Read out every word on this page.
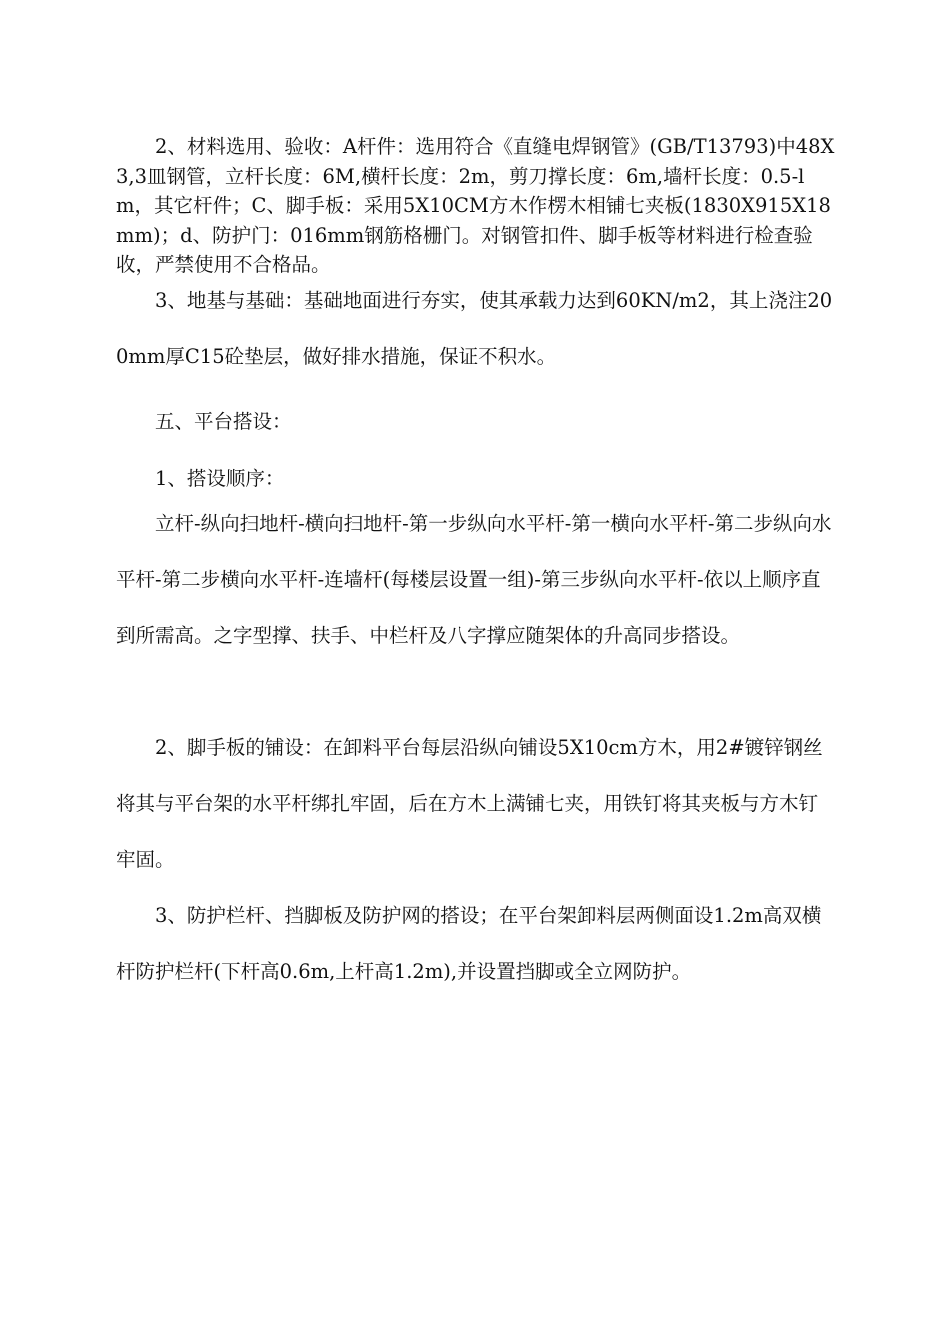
2、材料选用、验收：A杆件：选用符合《直缝电焊钢管》(GB/T13793)中48X3,3皿钢管，立杆长度：6M,横杆长度：2m，剪刀撑长度：6m,墙杆长度：0.5-lm，其它杆件；C、脚手板：采用5X10CM方木作楞木相铺七夹板(1830X915X18mm)；d、防护门：016mm钢筋格栅门。对钢管扣件、脚手板等材料进行检查验收，严禁使用不合格品。

3、地基与基础：基础地面进行夯实，使其承载力达到60KN/m2，其上浇注200mm厚C15砼垫层，做好排水措施，保证不积水。

五、平台搭设：

1、搭设顺序：

立杆-纵向扫地杆-横向扫地杆-第一步纵向水平杆-第一横向水平杆-第二步纵向水平杆-第二步横向水平杆-连墙杆(每楼层设置一组)-第三步纵向水平杆-依以上顺序直到所需高。之字型撑、扶手、中栏杆及八字撑应随架体的升高同步搭设。

2、脚手板的铺设：在卸料平台每层沿纵向铺设5X10cm方木，用2#镀锌钢丝将其与平台架的水平杆绑扎牢固，后在方木上满铺七夹，用铁钉将其夹板与方木钉牢固。

3、防护栏杆、挡脚板及防护网的搭设；在平台架卸料层两侧面设1.2m高双横杆防护栏杆(下杆高0.6m,上杆高1.2m),并设置挡脚或全立网防护。
